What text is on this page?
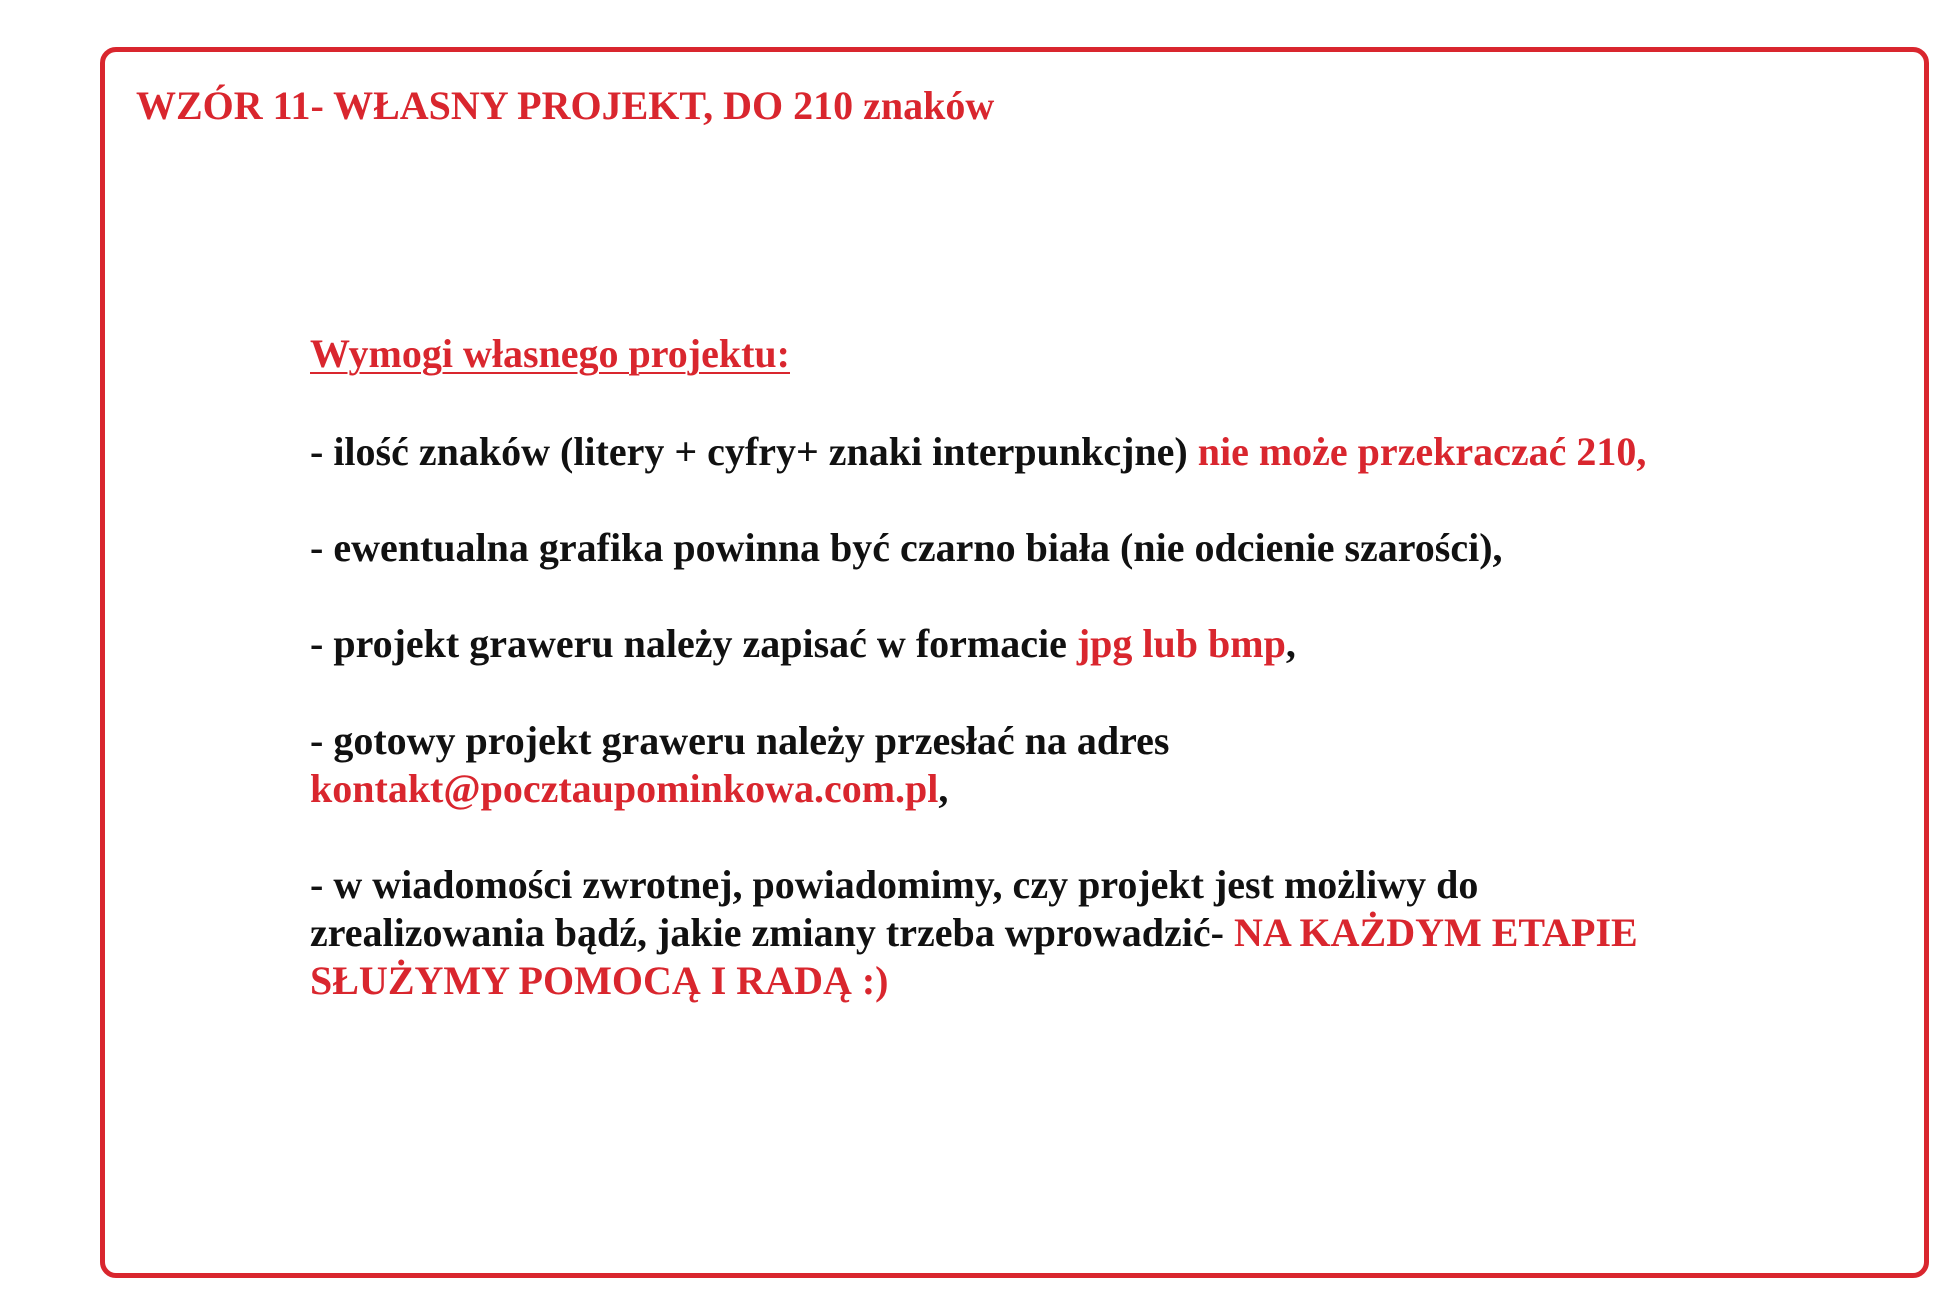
WZÓR 11- WŁASNY PROJEKT, DO 210 znaków
Wymogi własnego projektu:

- ilość znaków (litery + cyfry+ znaki interpunkcjne) nie może przekraczać 210,

- ewentualna grafika powinna być czarno biała (nie odcienie szarości),

- projekt graweru należy zapisać w formacie jpg lub bmp,

- gotowy projekt graweru należy przesłać na adres
kontakt@pocztaupominkowa.com.pl,

- w wiadomości zwrotnej, powiadomimy, czy projekt jest możliwy do
zrealizowania bądź, jakie zmiany trzeba wprowadzić- NA KAŻDYM ETAPIE
SŁUŻYMY POMOCĄ I RADĄ :)
